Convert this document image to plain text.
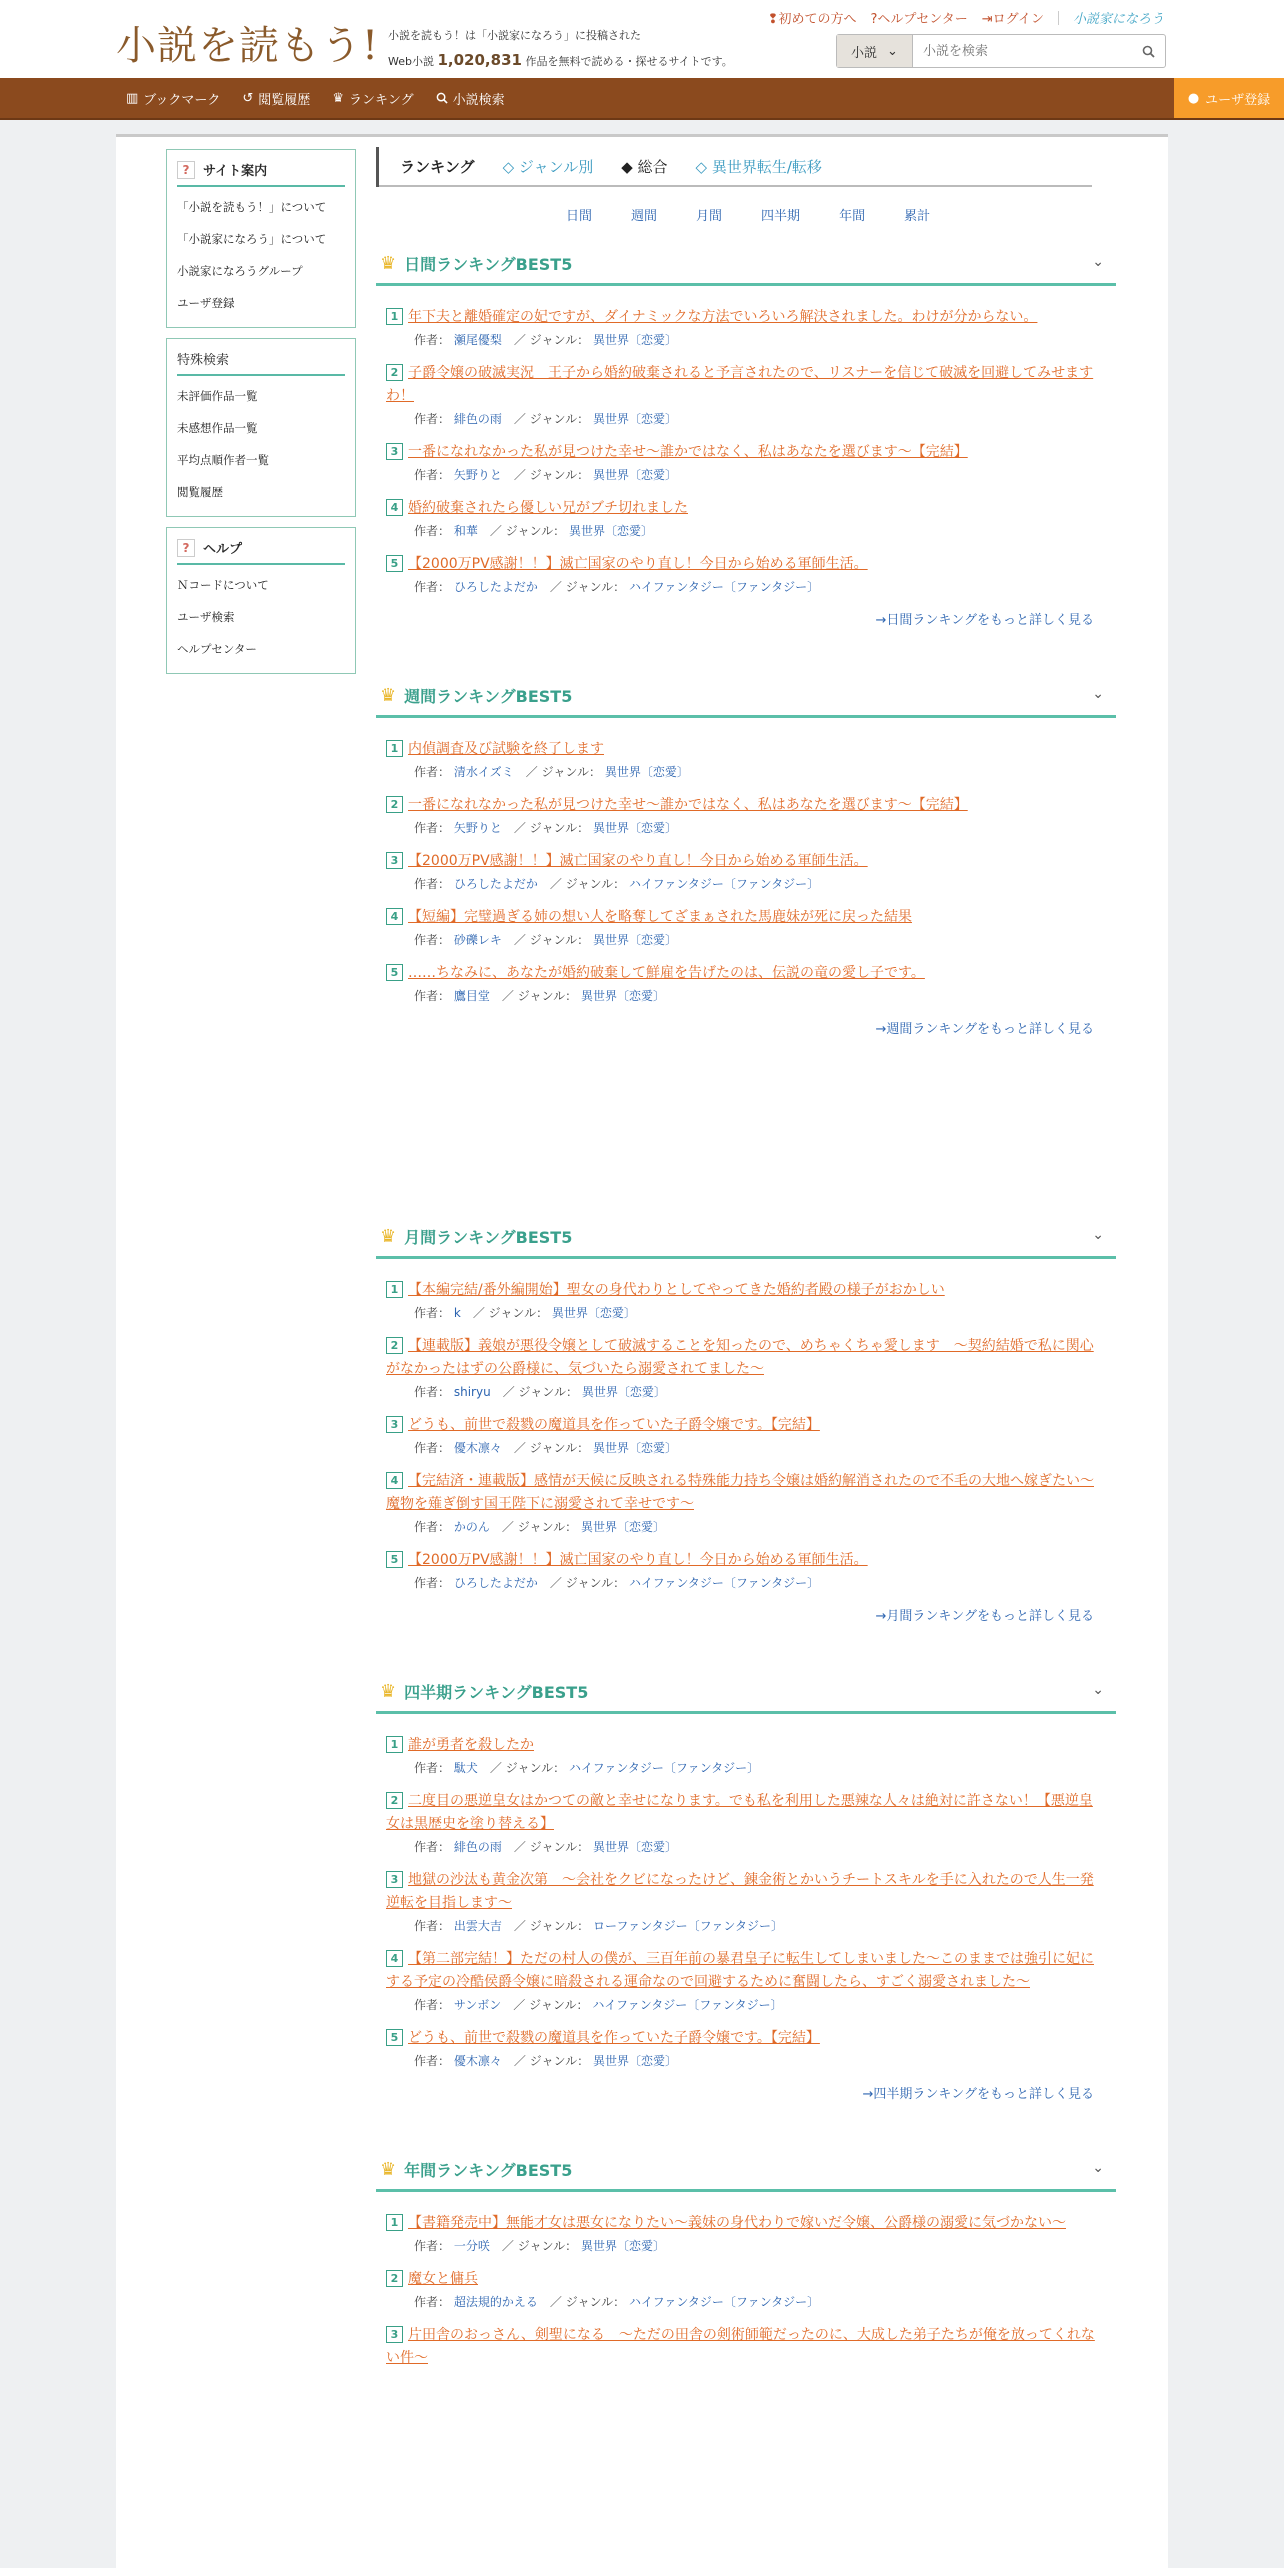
小説を読もう! 小説を読もう！は「小説家になろう」に投稿された
Web小説 1,020,831 作品を無料で読める・探せるサイトです。
❢初めての方へ ?ヘルプセンター ⇥ログイン 小説家になろう
小説 ⌄
小説を検索
▥ ブックマーク ↺ 閲覧履歴 ♛ ランキング	小説検索	● ユーザ登録
?	サイト案内
「小説を読もう！」について
「小説家になろう」について
小説家になろうグループ
ユーザ登録
特殊検索
未評価作品一覧
未感想作品一覧
平均点順作者一覧
閲覧履歴
?	ヘルプ
Ｎコードについて
ユーザ検索
ヘルプセンター
ランキング	◇ ジャンル別	◆ 総合	◇ 異世界転生/転移
日間	週間	月間	四半期	年間	累計
♛ 日間ランキングBEST5	⌄
1 年下夫と離婚確定の妃ですが、ダイナミックな方法でいろいろ解決されました。わけが分からない。
作者： 瀬尾優梨　 ／ ジャンル： 異世界〔恋愛〕
2 子爵令嬢の破滅実況　王子から婚約破棄されると予言されたので、リスナーを信じて破滅を回避してみせますわ！
作者： 緋色の雨　 ／ ジャンル： 異世界〔恋愛〕
3 一番になれなかった私が見つけた幸せ〜誰かではなく、私はあなたを選びます〜【完結】
作者： 矢野りと　 ／ ジャンル： 異世界〔恋愛〕
4 婚約破棄されたら優しい兄がブチ切れました
作者： 和華　 ／ ジャンル： 異世界〔恋愛〕
5 【2000万PV感謝！！】滅亡国家のやり直し！今日から始める軍師生活。
作者： ひろしたよだか　 ／ ジャンル： ハイファンタジー〔ファンタジー〕
→日間ランキングをもっと詳しく見る
♛ 週間ランキングBEST5	⌄
1 内偵調査及び試験を終了します
作者： 清水イズミ　 ／ ジャンル： 異世界〔恋愛〕
2 一番になれなかった私が見つけた幸せ〜誰かではなく、私はあなたを選びます〜【完結】
作者： 矢野りと　 ／ ジャンル： 異世界〔恋愛〕
3 【2000万PV感謝！！】滅亡国家のやり直し！今日から始める軍師生活。
作者： ひろしたよだか　 ／ ジャンル： ハイファンタジー〔ファンタジー〕
4 【短編】完璧過ぎる姉の想い人を略奪してざまぁされた馬鹿妹が死に戻った結果
作者： 砂礫レキ　 ／ ジャンル： 異世界〔恋愛〕
5 ……ちなみに、あなたが婚約破棄して鮮雇を告げたのは、伝説の竜の愛し子です。
作者： 鷹目堂　 ／ ジャンル： 異世界〔恋愛〕
→週間ランキングをもっと詳しく見る
♛ 月間ランキングBEST5	⌄
1 【本編完結/番外編開始】聖女の身代わりとしてやってきた婚約者殿の様子がおかしい
作者： k　 ／ ジャンル： 異世界〔恋愛〕
2 【連載版】義娘が悪役令嬢として破滅することを知ったので、めちゃくちゃ愛します　～契約結婚で私に関心がなかったはずの公爵様に、気づいたら溺愛されてました～
作者： shiryu　 ／ ジャンル： 異世界〔恋愛〕
3 どうも、前世で殺戮の魔道具を作っていた子爵令嬢です。【完結】
作者： 優木凛々　 ／ ジャンル： 異世界〔恋愛〕
4 【完結済・連載版】感情が天候に反映される特殊能力持ち令嬢は婚約解消されたので不毛の大地へ嫁ぎたい～魔物を薙ぎ倒す国王陛下に溺愛されて幸せです～
作者： かのん　 ／ ジャンル： 異世界〔恋愛〕
5 【2000万PV感謝！！】滅亡国家のやり直し！今日から始める軍師生活。
作者： ひろしたよだか　 ／ ジャンル： ハイファンタジー〔ファンタジー〕
→月間ランキングをもっと詳しく見る
♛ 四半期ランキングBEST5	⌄
1 誰が勇者を殺したか
作者： 駄犬　 ／ ジャンル： ハイファンタジー〔ファンタジー〕
2 二度目の悪逆皇女はかつての敵と幸せになります。でも私を利用した悪辣な人々は絶対に許さない！【悪逆皇女は黒歴史を塗り替える】
作者： 緋色の雨　 ／ ジャンル： 異世界〔恋愛〕
3 地獄の沙汰も黄金次第　～会社をクビになったけど、錬金術とかいうチートスキルを手に入れたので人生一発逆転を目指します～
作者： 出雲大吉　 ／ ジャンル： ローファンタジー〔ファンタジー〕
4 【第二部完結！】ただの村人の僕が、三百年前の暴君皇子に転生してしまいました～このままでは強引に妃にする予定の冷酷侯爵令嬢に暗殺される運命なので回避するために奮闘したら、すごく溺愛されました～
作者： サンボン　 ／ ジャンル： ハイファンタジー〔ファンタジー〕
5 どうも、前世で殺戮の魔道具を作っていた子爵令嬢です。【完結】
作者： 優木凛々　 ／ ジャンル： 異世界〔恋愛〕
→四半期ランキングをもっと詳しく見る
♛ 年間ランキングBEST5	⌄
1 【書籍発売中】無能才女は悪女になりたい～義妹の身代わりで嫁いだ令嬢、公爵様の溺愛に気づかない～
作者： 一分咲　 ／ ジャンル： 異世界〔恋愛〕
2 魔女と傭兵
作者： 超法規的かえる　 ／ ジャンル： ハイファンタジー〔ファンタジー〕
3 片田舎のおっさん、剣聖になる　～ただの田舎の剣術師範だったのに、大成した弟子たちが俺を放ってくれない件～
